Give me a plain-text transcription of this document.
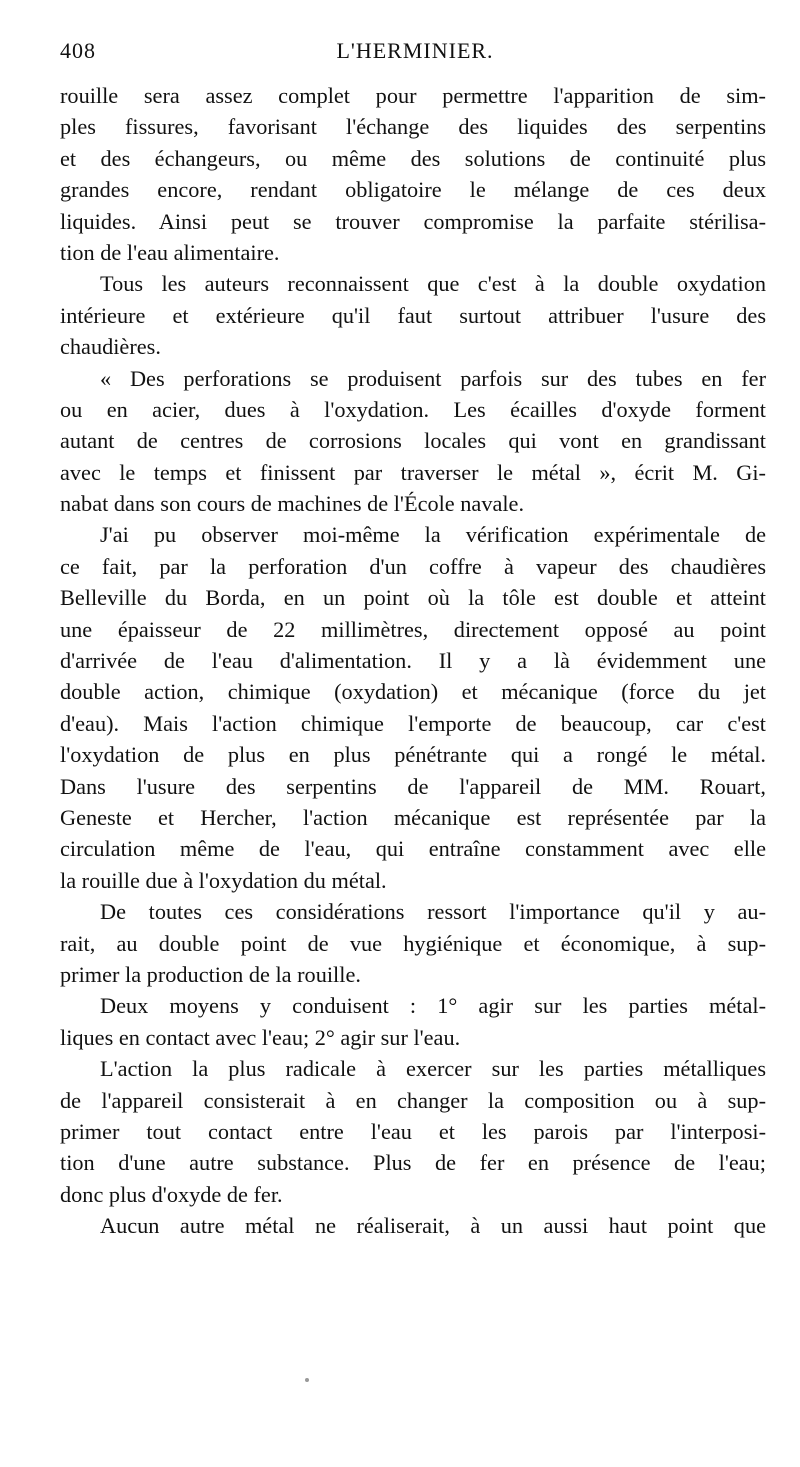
408	L'HERMINIER.
rouille sera assez complet pour permettre l'apparition de sim-
ples fissures, favorisant l'échange des liquides des serpentins
et des échangeurs, ou même des solutions de continuité plus
grandes encore, rendant obligatoire le mélange de ces deux
liquides. Ainsi peut se trouver compromise la parfaite stérilisa-
tion de l'eau alimentaire.
Tous les auteurs reconnaissent que c'est à la double oxydation
intérieure et extérieure qu'il faut surtout attribuer l'usure des
chaudières.
« Des perforations se produisent parfois sur des tubes en fer
ou en acier, dues à l'oxydation. Les écailles d'oxyde forment
autant de centres de corrosions locales qui vont en grandissant
avec le temps et finissent par traverser le métal », écrit M. Gi-
nabat dans son cours de machines de l'École navale.
J'ai pu observer moi-même la vérification expérimentale de
ce fait, par la perforation d'un coffre à vapeur des chaudières
Belleville du Borda, en un point où la tôle est double et atteint
une épaisseur de 22 millimètres, directement opposé au point
d'arrivée de l'eau d'alimentation. Il y a là évidemment une
double action, chimique (oxydation) et mécanique (force du jet
d'eau). Mais l'action chimique l'emporte de beaucoup, car c'est
l'oxydation de plus en plus pénétrante qui a rongé le métal.
Dans l'usure des serpentins de l'appareil de MM. Rouart,
Geneste et Hercher, l'action mécanique est représentée par la
circulation même de l'eau, qui entraîne constamment avec elle
la rouille due à l'oxydation du métal.
De toutes ces considérations ressort l'importance qu'il y au-
rait, au double point de vue hygiénique et économique, à sup-
primer la production de la rouille.
Deux moyens y conduisent : 1° agir sur les parties métal-
liques en contact avec l'eau; 2° agir sur l'eau.
L'action la plus radicale à exercer sur les parties métalliques
de l'appareil consisterait à en changer la composition ou à sup-
primer tout contact entre l'eau et les parois par l'interposi-
tion d'une autre substance. Plus de fer en présence de l'eau;
donc plus d'oxyde de fer.
Aucun autre métal ne réaliserait, à un aussi haut point que
